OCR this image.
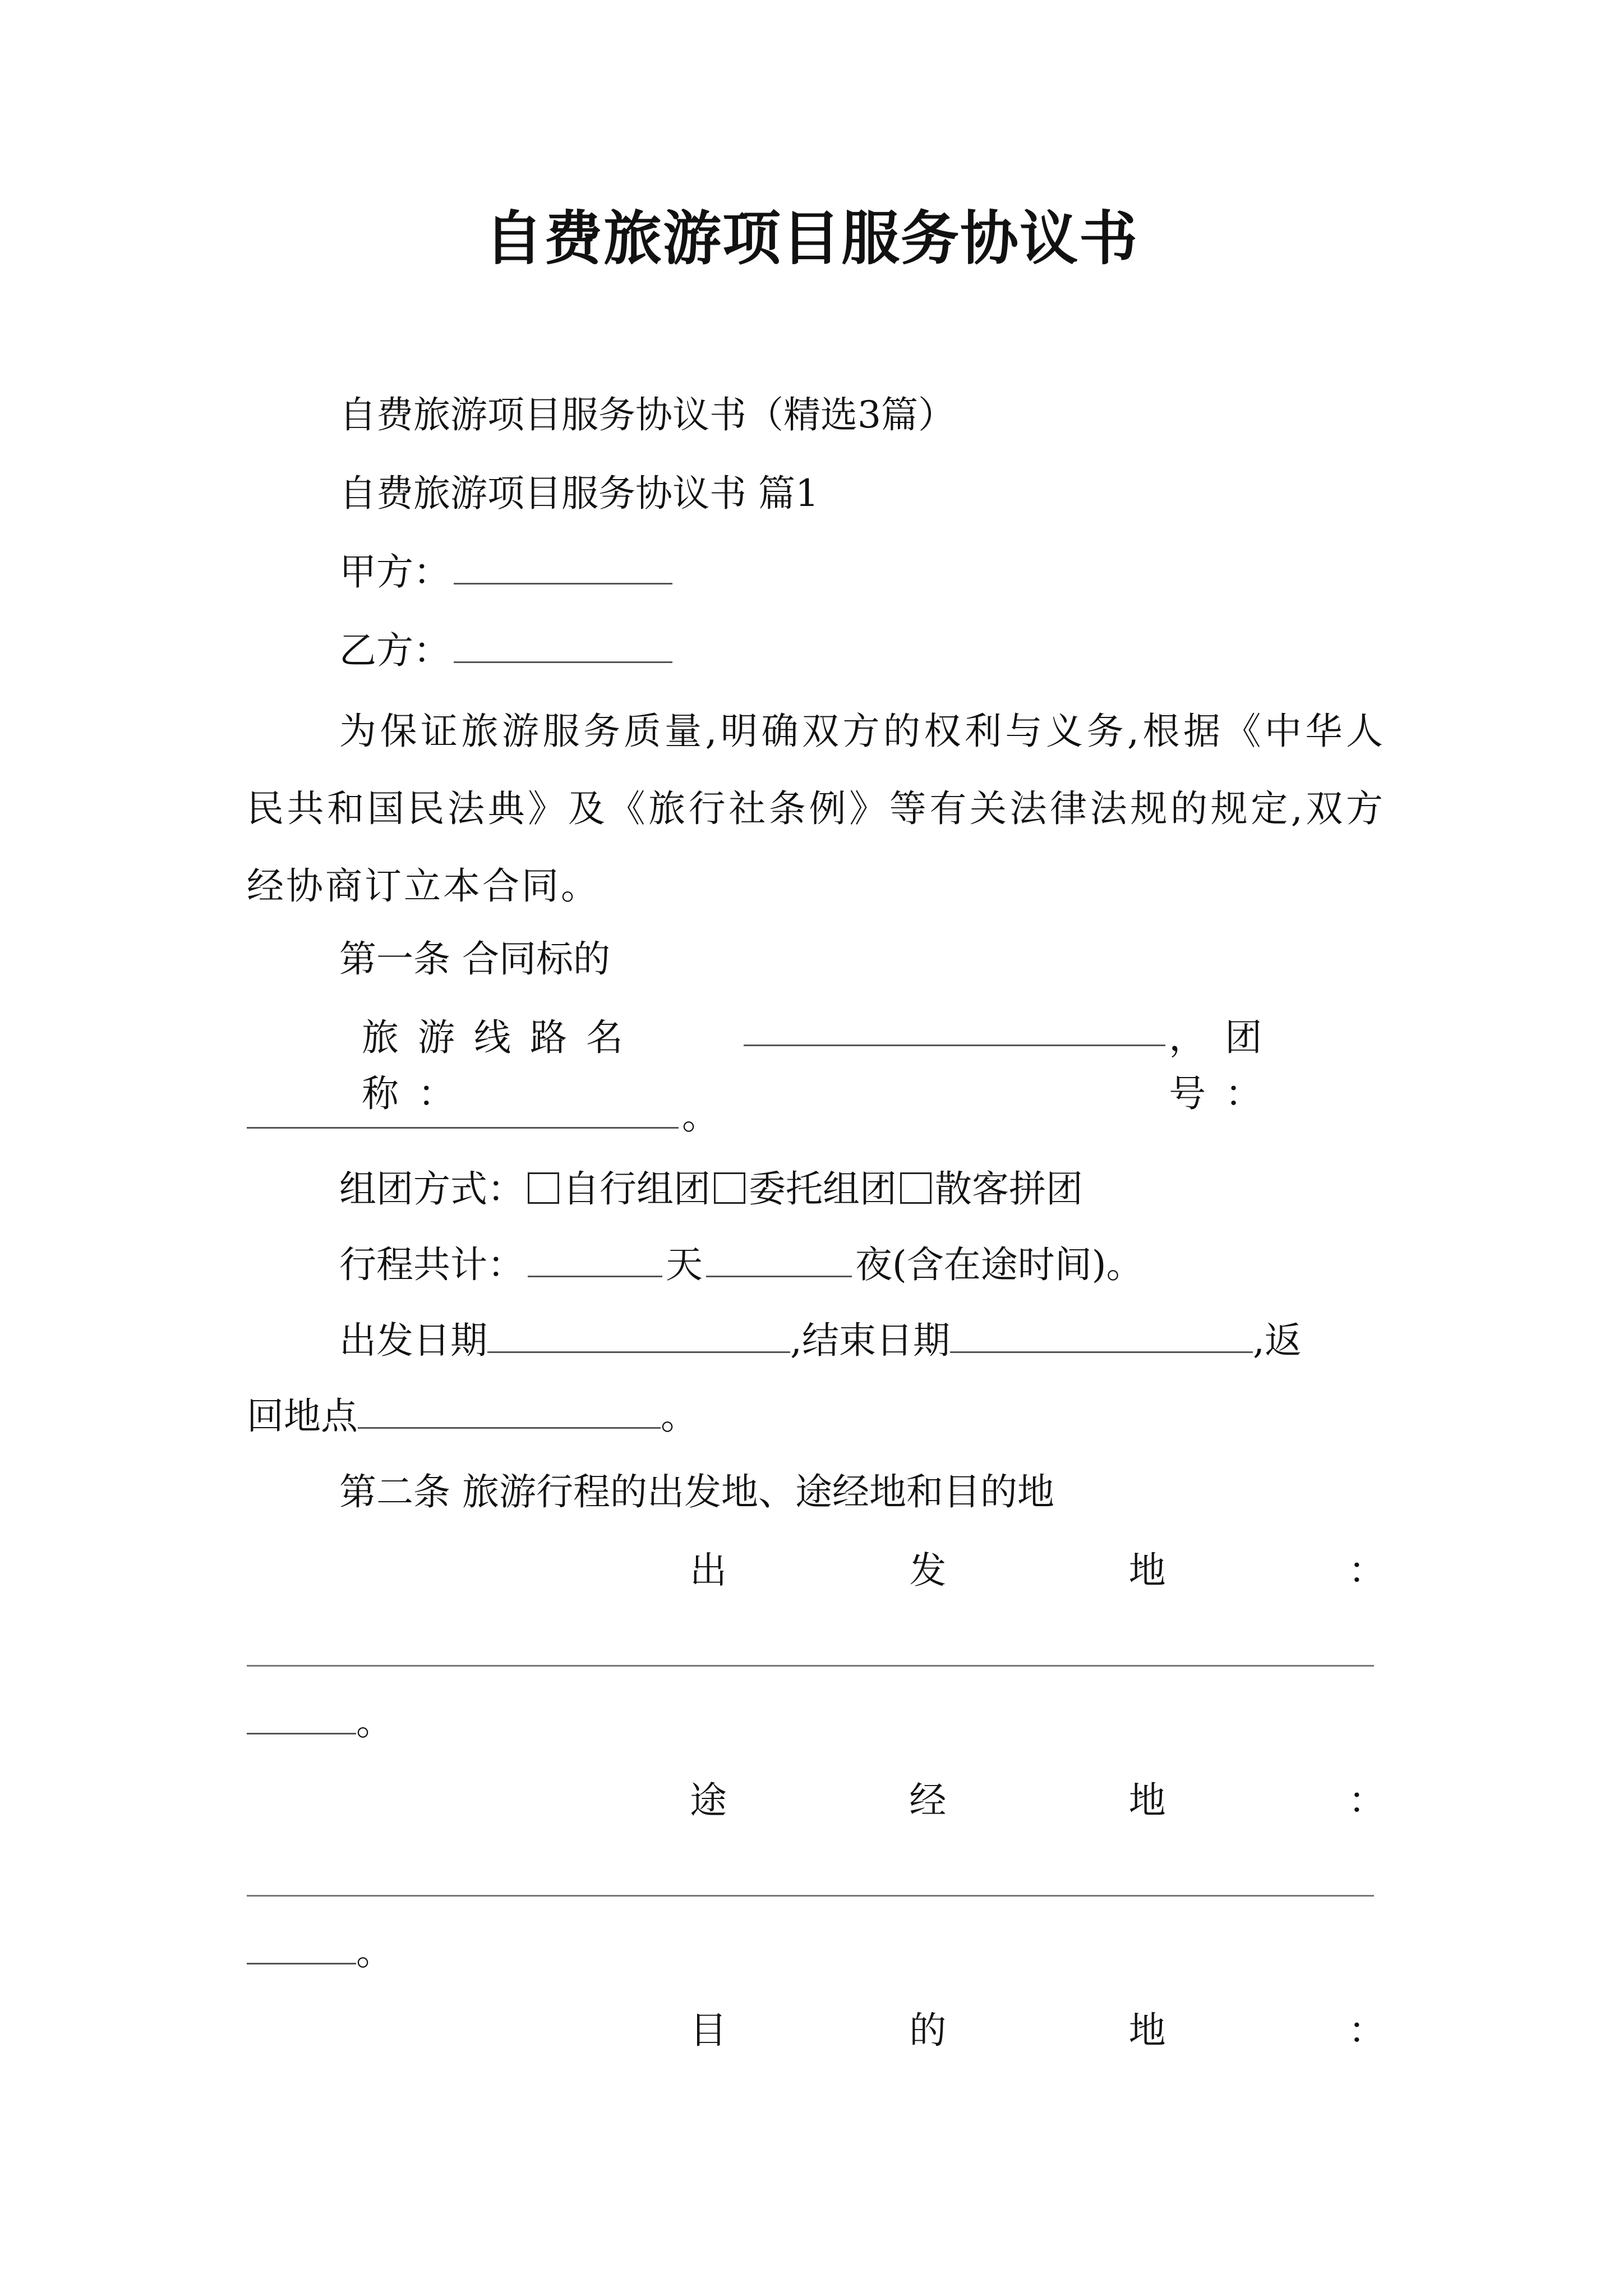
自费旅游项目服务协议书
自费旅游项目服务协议书（精选3篇）
自费旅游项目服务协议书 篇1
甲方：
乙方：
为保证旅游服务质量,明确双方的权利与义务,根据《中华人民共和国民法典》及《旅行社条例》等有关法律法规的规定,双方经协商订立本合同。
第一条 合同标的
旅游线路名称：
，团号：
。
组团方式： 自行组团 委托组团 散客拼团
行程共计：	天	夜(含在途时间)。
出发日期	,结束日期	,返
回地点	。
第二条 旅游行程的出发地、途经地和目的地
出	发	地	：
。
途	经	地	：
。
目	的	地	：
